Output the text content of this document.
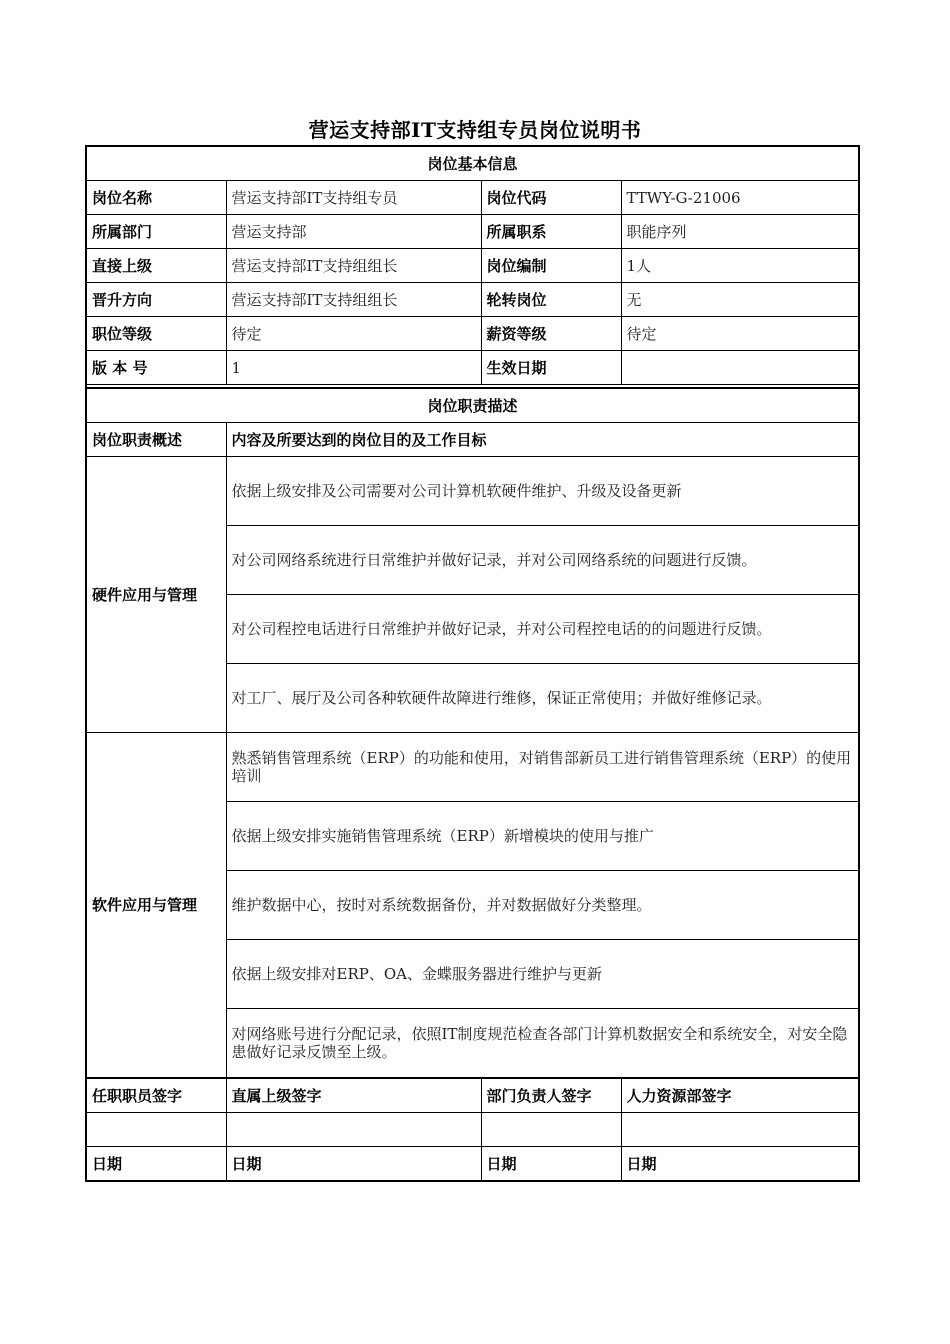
营运支持部IT支持组专员岗位说明书
岗位基本信息			
岗位名称	营运支持部IT支持组专员	岗位代码	TTWY-G-21006
所属部门	营运支持部	所属职系	职能序列
直接上级	营运支持部IT支持组组长	岗位编制	1人
晋升方向	营运支持部IT支持组组长	轮转岗位	无
职位等级	待定	薪资等级	待定
版 本 号	1	生效日期	

岗位职责描述			
岗位职责概述	内容及所要达到的岗位目的及工作目标		
硬件应用与管理	依据上级安排及公司需要对公司计算机软硬件维护、升级及设备更新		
	对公司网络系统进行日常维护并做好记录，并对公司网络系统的问题进行反馈。		
	对公司程控电话进行日常维护并做好记录，并对公司程控电话的的问题进行反馈。		
	对工厂、展厅及公司各种软硬件故障进行维修，保证正常使用；并做好维修记录。		
软件应用与管理	熟悉销售管理系统（ERP）的功能和使用，对销售部新员工进行销售管理系统（ERP）的使用培训		
	依据上级安排实施销售管理系统（ERP）新增模块的使用与推广		
	维护数据中心，按时对系统数据备份，并对数据做好分类整理。		
	依据上级安排对ERP、OA、金蝶服务器进行维护与更新		
	对网络账号进行分配记录，依照IT制度规范检查各部门计算机数据安全和系统安全，对安全隐患做好记录反馈至上级。		
任职职员签字	直属上级签字	部门负责人签字	人力资源部签字

日期	日期	日期	日期
